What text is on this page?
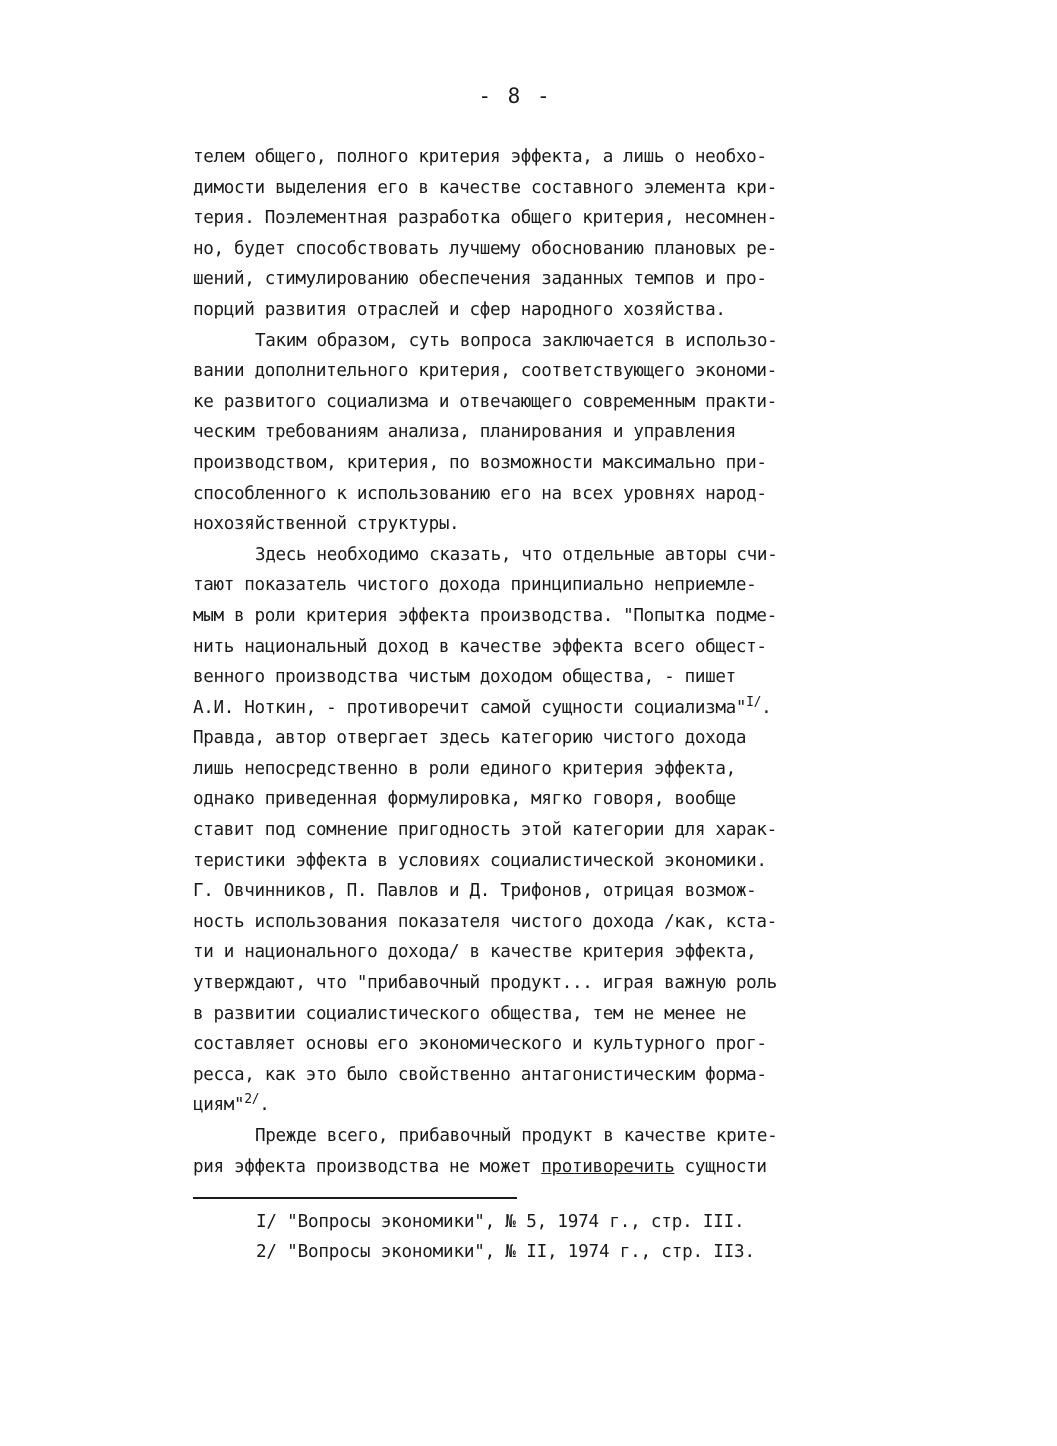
- 8 -
телем общего, полного критерия эффекта, а лишь о необхо-
димости выделения его в качестве составного элемента кри-
терия. Поэлементная разработка общего критерия, несомнен-
но, будет способствовать лучшему обоснованию плановых ре-
шений, стимулированию обеспечения заданных темпов и про-
порций развития отраслей и сфер народного хозяйства.
Таким образом, суть вопроса заключается в использо-
вании дополнительного критерия, соответствующего экономи-
ке развитого социализма и отвечающего современным практи-
ческим требованиям анализа, планирования и управления
производством, критерия, по возможности максимально при-
способленного к использованию его на всех уровнях народ-
нохозяйственной структуры.
Здесь необходимо сказать, что отдельные авторы счи-
тают показатель чистого дохода принципиально неприемле-
мым в роли критерия эффекта производства. "Попытка подме-
нить национальный доход в качестве эффекта всего общест-
венного производства чистым доходом общества, - пишет
А.И. Ноткин, - противоречит самой сущности социализма"$^{I/}$.
Правда, автор отвергает здесь категорию чистого дохода
лишь непосредственно в роли единого критерия эффекта,
однако приведенная формулировка, мягко говоря, вообще
ставит под сомнение пригодность этой категории для харак-
теристики эффекта в условиях социалистической экономики.
Г. Овчинников, П. Павлов и Д. Трифонов, отрицая возмож-
ность использования показателя чистого дохода /как, кста-
ти и национального дохода/ в качестве критерия эффекта,
утверждают, что "прибавочный продукт... играя важную роль
в развитии социалистического общества, тем не менее не
составляет основы его экономического и культурного прог-
ресса, как это было свойственно антагонистическим форма-
циям"$^{2/}$.
Прежде всего, прибавочный продукт в качестве крите-
рия эффекта производства не может противоречить сущности
I/ "Вопросы экономики", № 5, 1974 г., стр. III.
2/ "Вопросы экономики", № II, 1974 г., стр. II3.
